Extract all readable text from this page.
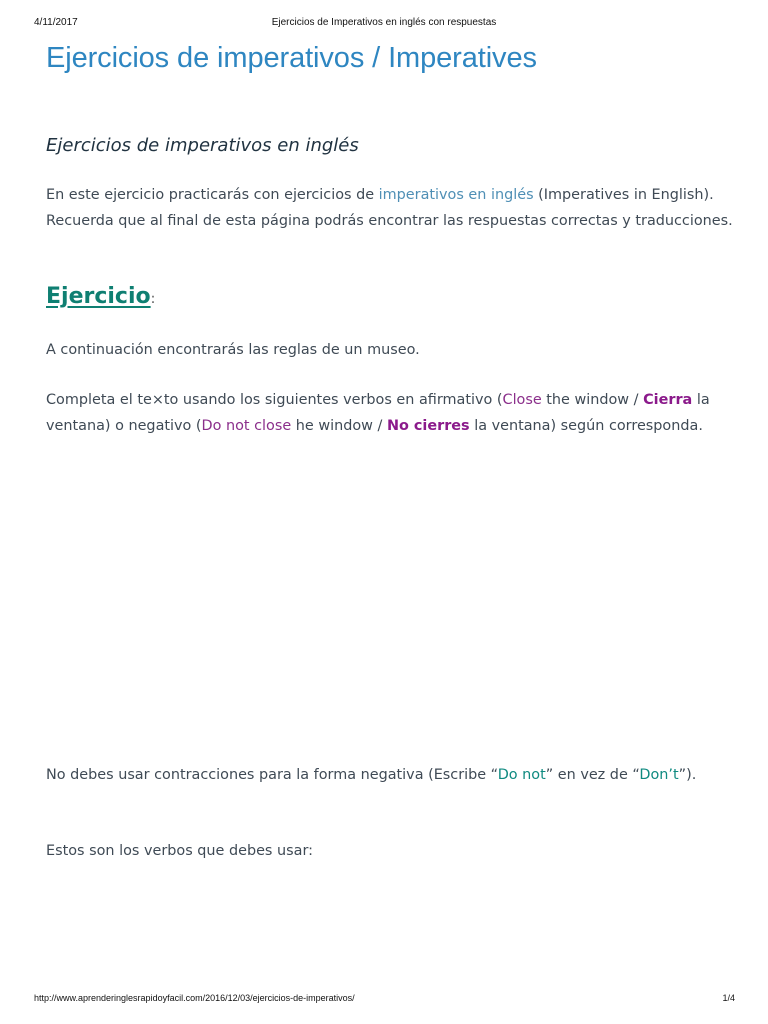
4/11/2017	Ejercicios de Imperativos en inglés con respuestas
Ejercicios de imperativos / Imperatives
Ejercicios de imperativos en inglés

En este ejercicio practicarás con ejercicios de imperativos en inglés (Imperatives in English). Recuerda que al final de esta página podrás encontrar las respuestas correctas y traducciones.

Ejercicio:

A continuación encontrarás las reglas de un museo.

Completa el te×to usando los siguientes verbos en afirmativo (Close the window / Cierra la ventana) o negativo (Do not close he window / No cierres la ventana) según corresponda.

No debes usar contracciones para la forma negativa (Escribe “Do not” en vez de “Don’t”).

Estos son los verbos que debes usar:

http://www.aprenderinglesrapidoyfacil.com/2016/12/03/ejercicios-de-imperativos/	1/4
